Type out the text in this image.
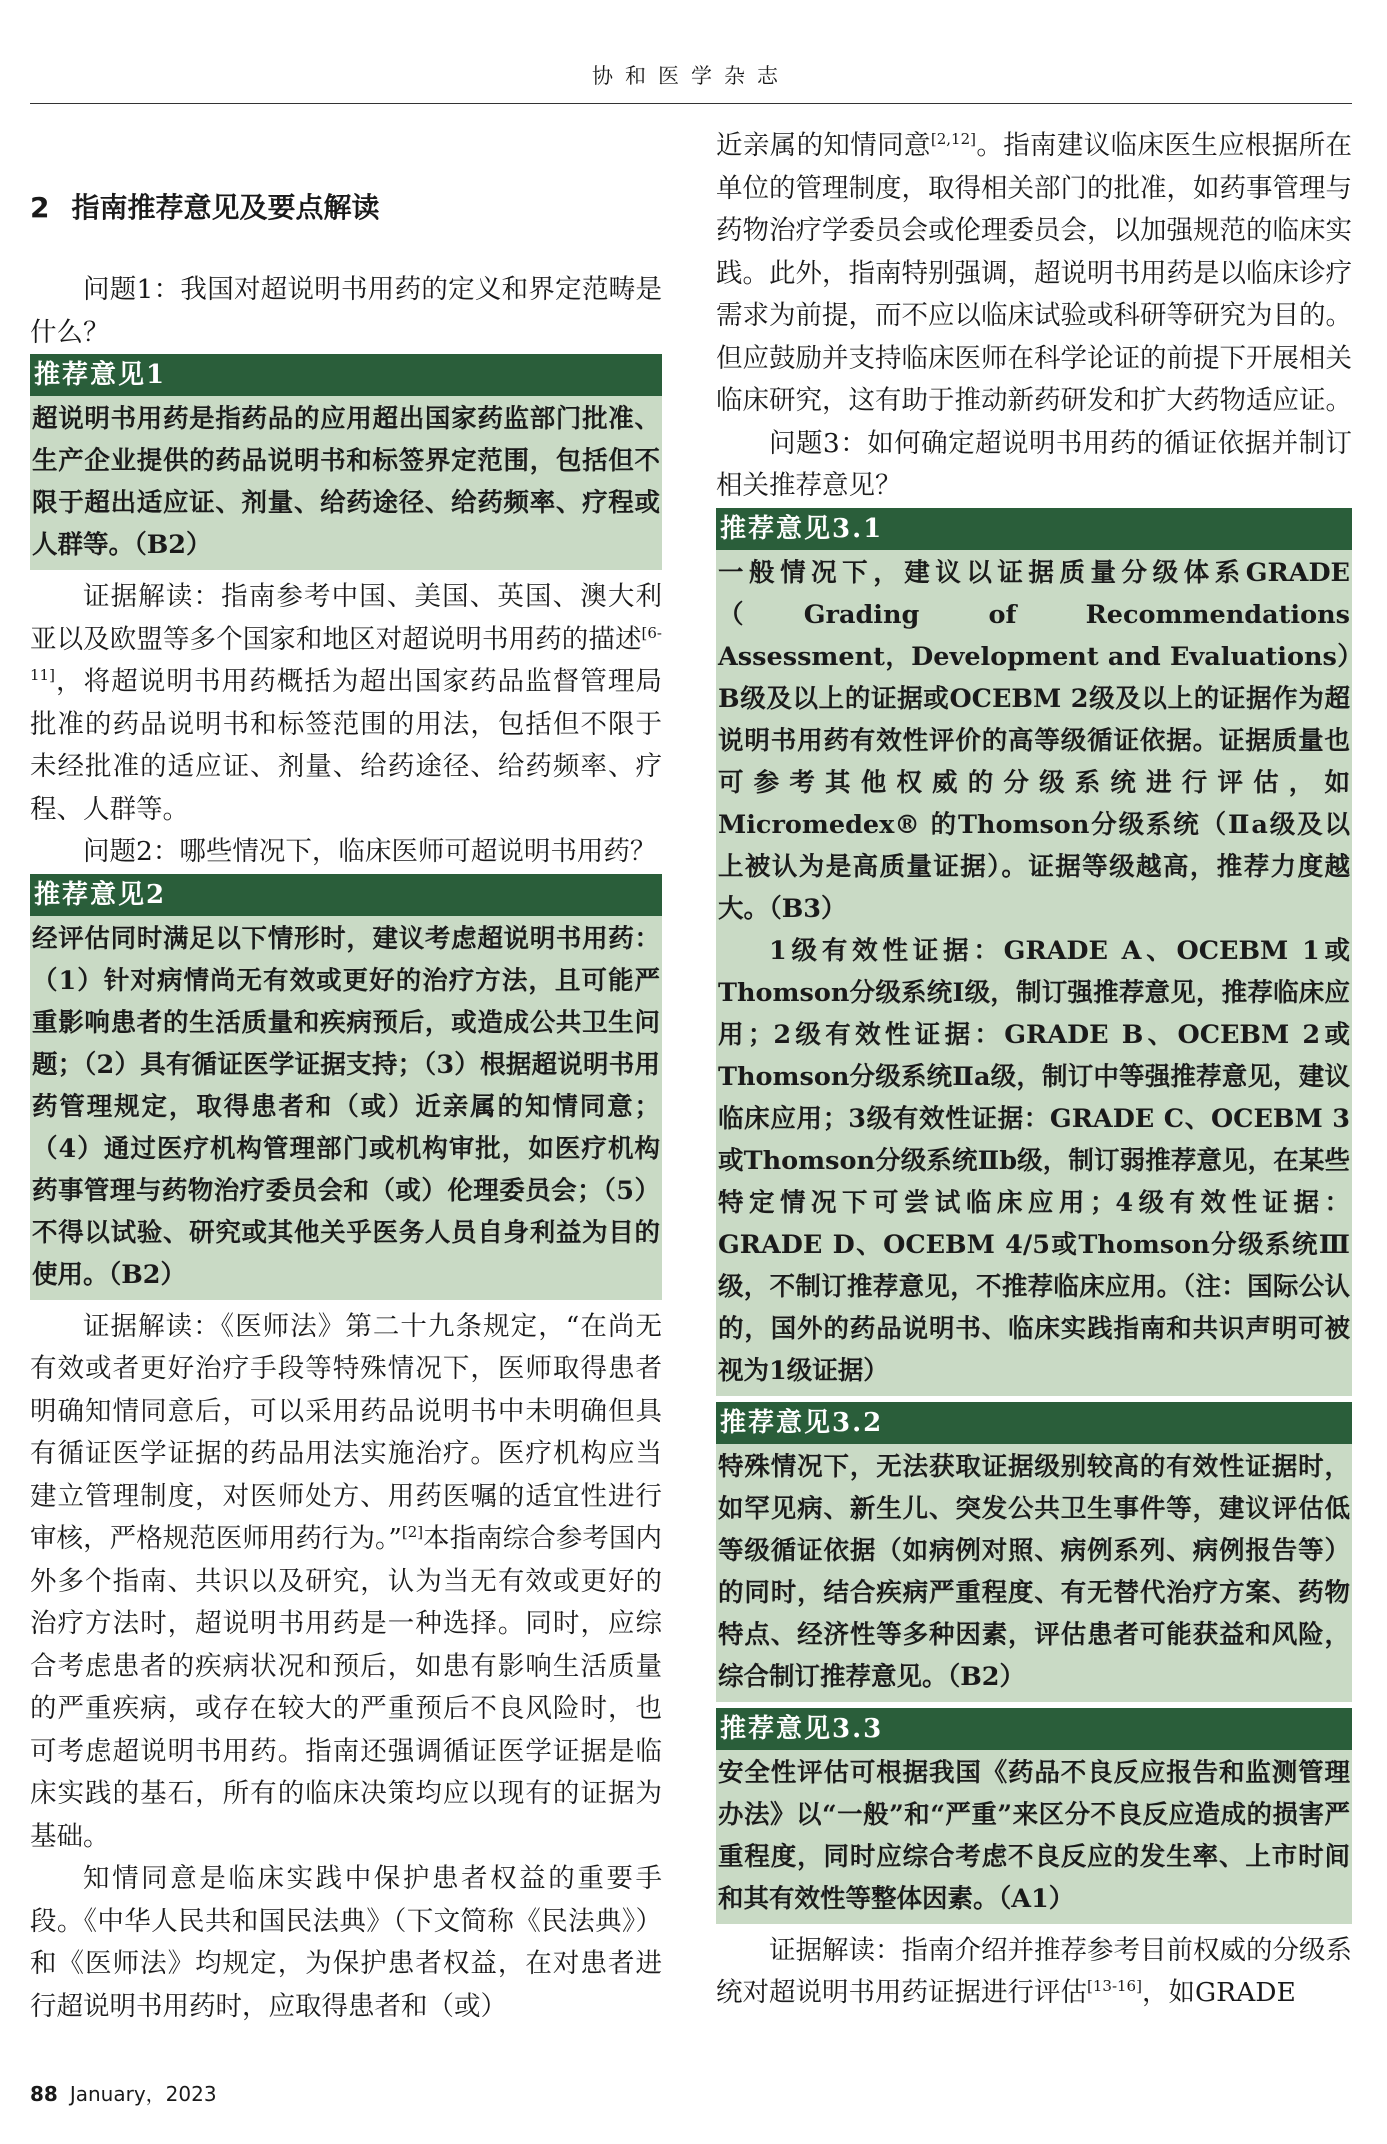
协和医学杂志
2 指南推荐意见及要点解读

问题1：我国对超说明书用药的定义和界定范畴是什么？

推荐意见1

超说明书用药是指药品的应用超出国家药监部门批准、生产企业提供的药品说明书和标签界定范围，包括但不限于超出适应证、剂量、给药途径、给药频率、疗程或人群等。（B2）

证据解读：指南参考中国、美国、英国、澳大利亚以及欧盟等多个国家和地区对超说明书用药的描述[6-11]，将超说明书用药概括为超出国家药品监督管理局批准的药品说明书和标签范围的用法，包括但不限于未经批准的适应证、剂量、给药途径、给药频率、疗程、人群等。

问题2：哪些情况下，临床医师可超说明书用药？

推荐意见2

经评估同时满足以下情形时，建议考虑超说明书用药：（1）针对病情尚无有效或更好的治疗方法，且可能严重影响患者的生活质量和疾病预后，或造成公共卫生问题；（2）具有循证医学证据支持；（3）根据超说明书用药管理规定，取得患者和（或）近亲属的知情同意；（4）通过医疗机构管理部门或机构审批，如医疗机构药事管理与药物治疗委员会和（或）伦理委员会；（5）不得以试验、研究或其他关乎医务人员自身利益为目的使用。（B2）

证据解读：《医师法》第二十九条规定，“在尚无有效或者更好治疗手段等特殊情况下，医师取得患者明确知情同意后，可以采用药品说明书中未明确但具有循证医学证据的药品用法实施治疗。医疗机构应当建立管理制度，对医师处方、用药医嘱的适宜性进行审核，严格规范医师用药行为。”[2]本指南综合参考国内外多个指南、共识以及研究，认为当无有效或更好的治疗方法时，超说明书用药是一种选择。同时，应综合考虑患者的疾病状况和预后，如患有影响生活质量的严重疾病，或存在较大的严重预后不良风险时，也可考虑超说明书用药。指南还强调循证医学证据是临床实践的基石，所有的临床决策均应以现有的证据为基础。

知情同意是临床实践中保护患者权益的重要手段。《中华人民共和国民法典》（下文简称《民法典》）和《医师法》均规定，为保护患者权益，在对患者进行超说明书用药时，应取得患者和（或）

近亲属的知情同意[2,12]。指南建议临床医生应根据所在单位的管理制度，取得相关部门的批准，如药事管理与药物治疗学委员会或伦理委员会，以加强规范的临床实践。此外，指南特别强调，超说明书用药是以临床诊疗需求为前提，而不应以临床试验或科研等研究为目的。但应鼓励并支持临床医师在科学论证的前提下开展相关临床研究，这有助于推动新药研发和扩大药物适应证。

问题3：如何确定超说明书用药的循证依据并制订相关推荐意见？

推荐意见3.1

一般情况下，建议以证据质量分级体系GRADE（Grading of Recommendations Assessment，Development and Evaluations）B级及以上的证据或OCEBM 2级及以上的证据作为超说明书用药有效性评价的高等级循证依据。证据质量也可参考其他权威的分级系统进行评估，如Micromedex® 的Thomson分级系统（Ⅱa级及以上被认为是高质量证据）。证据等级越高，推荐力度越大。（B3）

1级有效性证据：GRADE A、OCEBM 1或Thomson分级系统Ⅰ级，制订强推荐意见，推荐临床应用；2级有效性证据：GRADE B、OCEBM 2或Thomson分级系统Ⅱa级，制订中等强推荐意见，建议临床应用；3级有效性证据：GRADE C、OCEBM 3或Thomson分级系统Ⅱb级，制订弱推荐意见，在某些特定情况下可尝试临床应用；4级有效性证据：GRADE D、OCEBM 4/5或Thomson分级系统Ⅲ级，不制订推荐意见，不推荐临床应用。（注：国际公认的，国外的药品说明书、临床实践指南和共识声明可被视为1级证据）

推荐意见3.2

特殊情况下，无法获取证据级别较高的有效性证据时，如罕见病、新生儿、突发公共卫生事件等，建议评估低等级循证依据（如病例对照、病例系列、病例报告等）的同时，结合疾病严重程度、有无替代治疗方案、药物特点、经济性等多种因素，评估患者可能获益和风险，综合制订推荐意见。（B2）

推荐意见3.3

安全性评估可根据我国《药品不良反应报告和监测管理办法》以“一般”和“严重”来区分不良反应造成的损害严重程度，同时应综合考虑不良反应的发生率、上市时间和其有效性等整体因素。（A1）

证据解读：指南介绍并推荐参考目前权威的分级系统对超说明书用药证据进行评估[13-16]，如GRADE

88 January，2023
